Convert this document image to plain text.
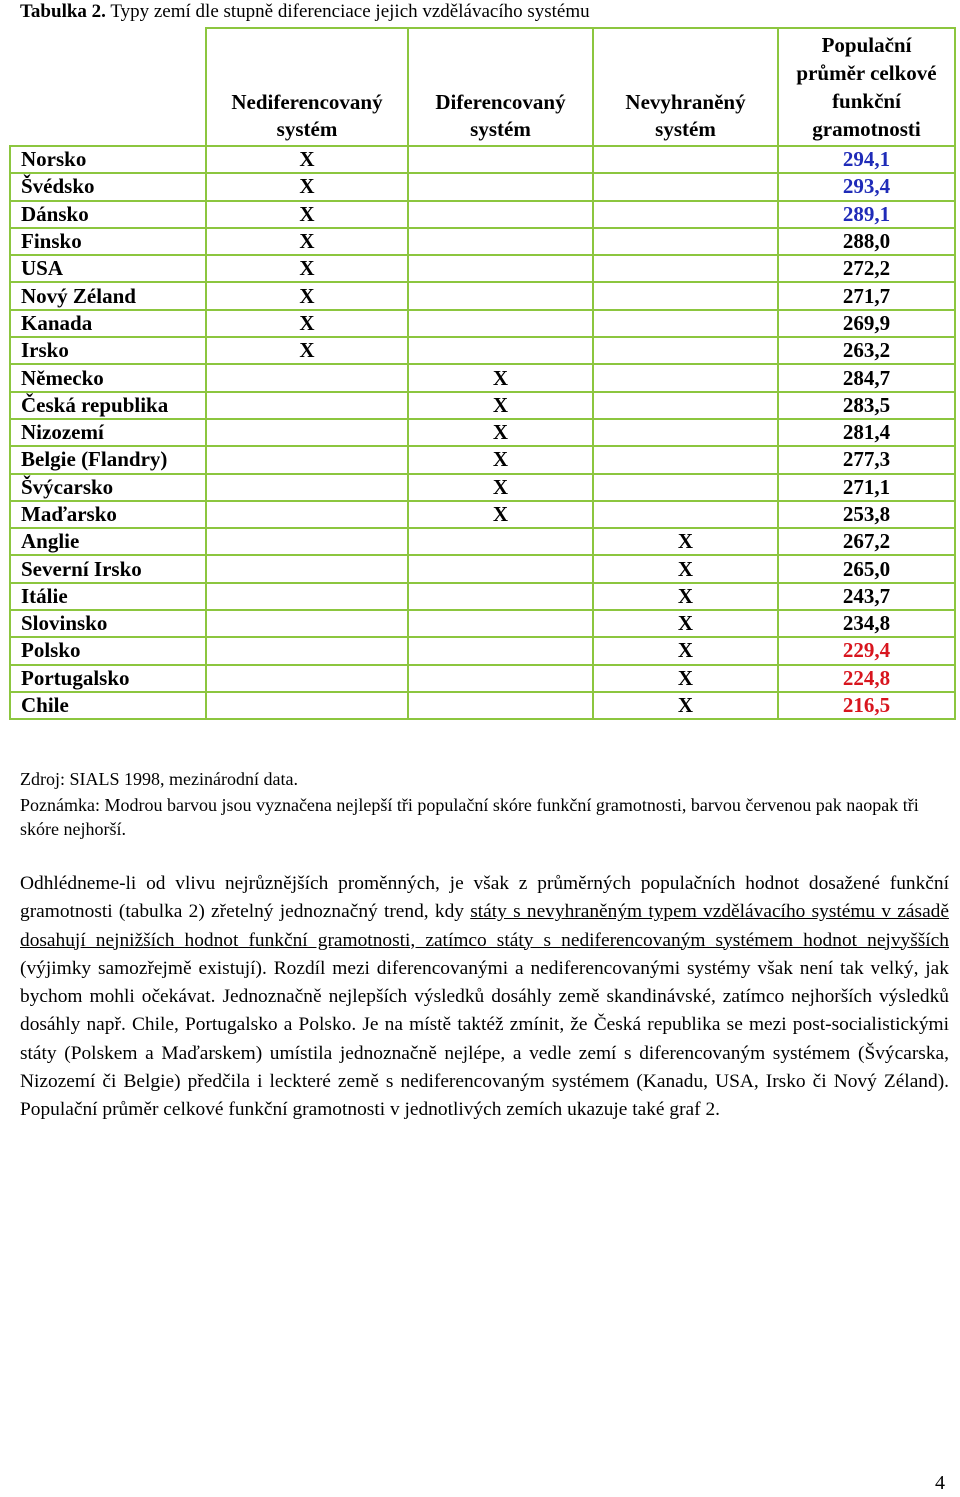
Tabulka 2. Typy zemí dle stupně diferenciace jejich vzdělávacího systému

	Nediferencovaný systém	Diferencovaný systém	Nevyhraněný systém	Populační průměr celkové funkční gramotnosti

Norsko	X			294,1
Švédsko	X			293,4
Dánsko	X			289,1
Finsko	X			288,0
USA	X			272,2
Nový Zéland	X			271,7
Kanada	X			269,9
Irsko	X			263,2
Německo		X		284,7
Česká republika		X		283,5
Nizozemí		X		281,4
Belgie (Flandry)		X		277,3
Švýcarsko		X		271,1
Maďarsko		X		253,8
Anglie			X	267,2
Severní Irsko			X	265,0
Itálie			X	243,7
Slovinsko			X	234,8
Polsko			X	229,4
Portugalsko			X	224,8
Chile			X	216,5
Zdroj: SIALS 1998, mezinárodní data.
Poznámka: Modrou barvou jsou vyznačena nejlepší tři populační skóre funkční gramotnosti, barvou červenou pak naopak tři skóre nejhorší.
Odhlédneme-li od vlivu nejrůznějších proměnných, je však z průměrných populačních hodnot dosažené funkční gramotnosti (tabulka 2) zřetelný jednoznačný trend, kdy státy s nevyhraněným typem vzdělávacího systému v zásadě dosahují nejnižších hodnot funkční gramotnosti, zatímco státy s nediferencovaným systémem hodnot nejvyšších (výjimky samozřejmě existují). Rozdíl mezi diferencovanými a nediferencovanými systémy však není tak velký, jak bychom mohli očekávat. Jednoznačně nejlepších výsledků dosáhly země skandinávské, zatímco nejhorších výsledků dosáhly např. Chile, Portugalsko a Polsko. Je na místě taktéž zmínit, že Česká republika se mezi post-socialistickými státy (Polskem a Maďarskem) umístila jednoznačně nejlépe, a vedle zemí s diferencovaným systémem (Švýcarska, Nizozemí či Belgie) předčila i leckteré země s nediferencovaným systémem (Kanadu, USA, Irsko či Nový Zéland). Populační průměr celkové funkční gramotnosti v jednotlivých zemích ukazuje také graf 2.
4
